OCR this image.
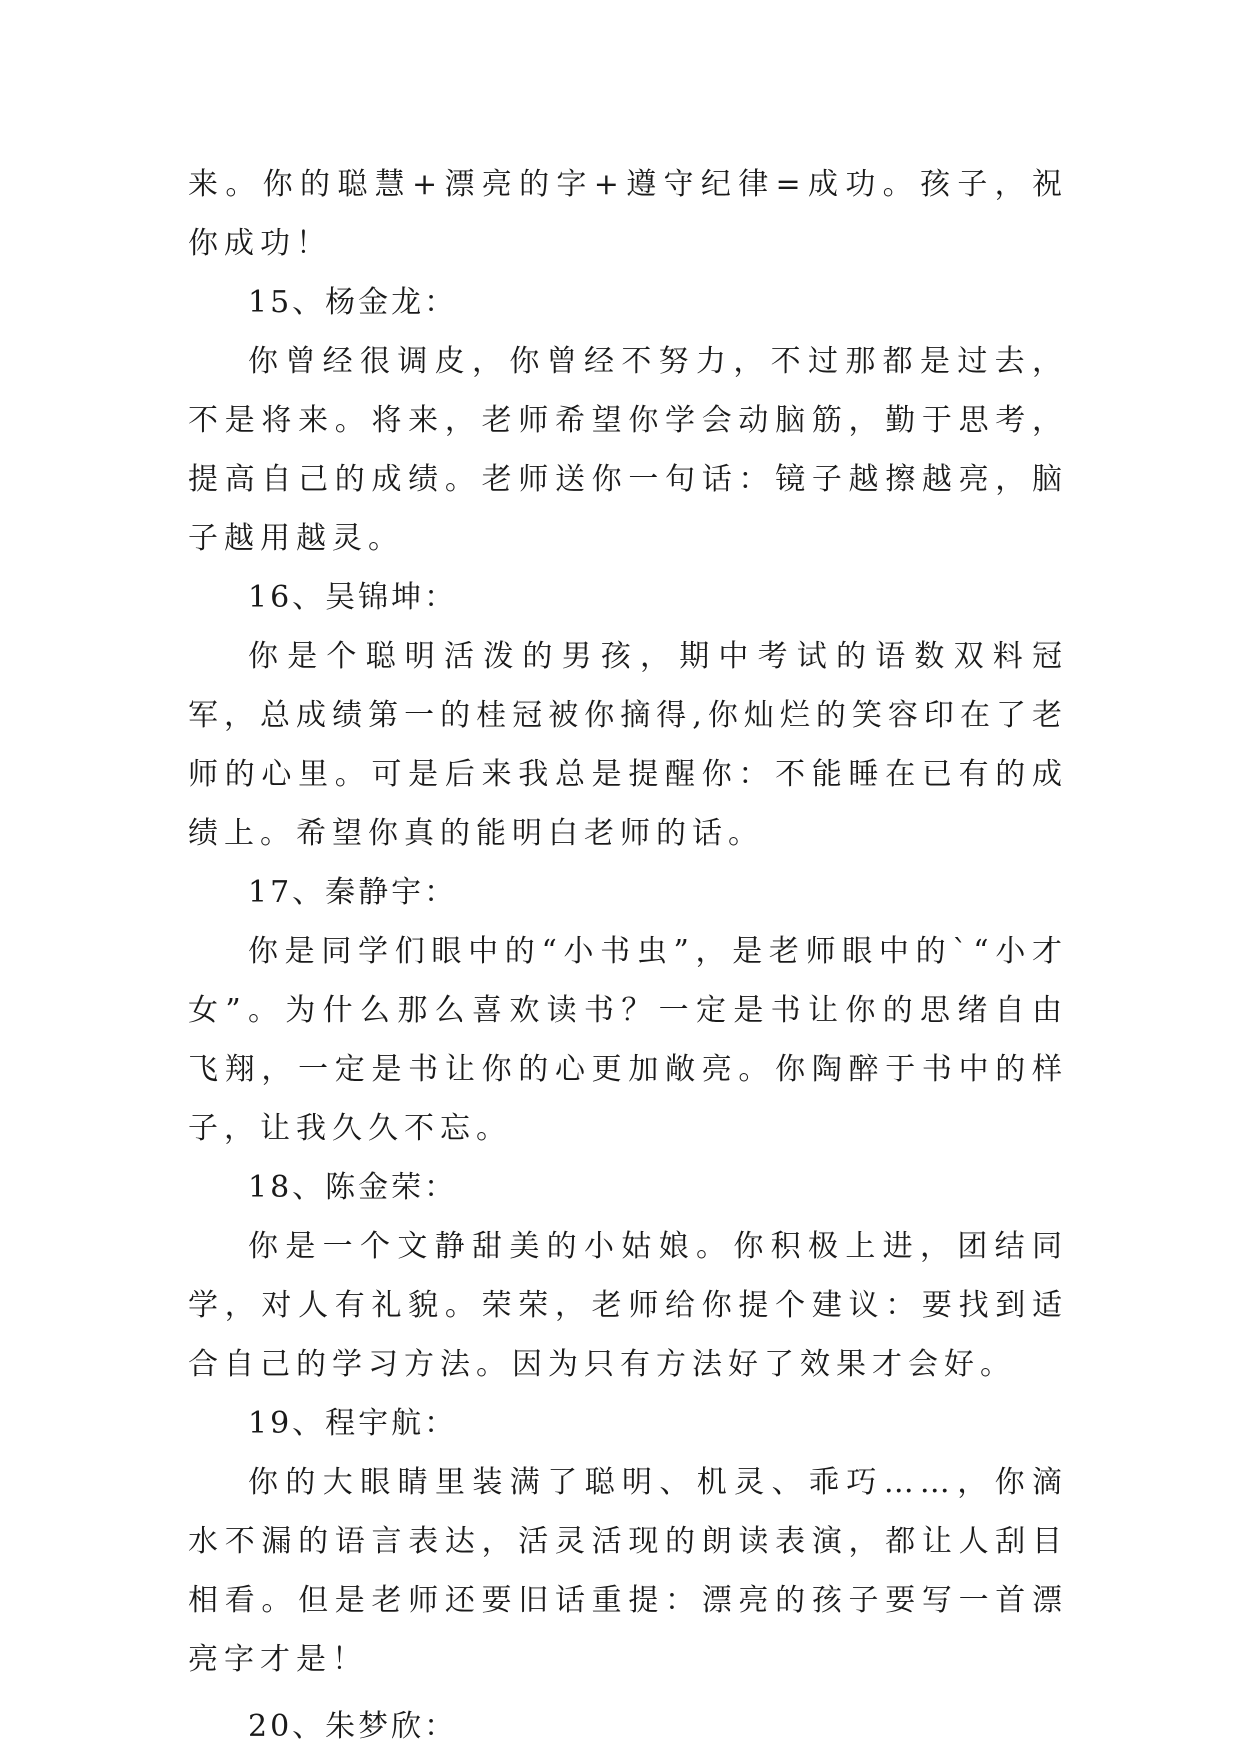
来。你的聪慧+漂亮的字+遵守纪律=成功。孩子，祝你成功！

15、杨金龙：

你曾经很调皮，你曾经不努力，不过那都是过去，不是将来。将来，老师希望你学会动脑筋，勤于思考，提高自己的成绩。老师送你一句话：镜子越擦越亮，脑子越用越灵。

16、吴锦坤：

你是个聪明活泼的男孩，期中考试的语数双料冠军，总成绩第一的桂冠被你摘得,你灿烂的笑容印在了老师的心里。可是后来我总是提醒你：不能睡在已有的成绩上。希望你真的能明白老师的话。

17、秦静宇：

你是同学们眼中的“小书虫”，是老师眼中的`“小才女”。为什么那么喜欢读书？一定是书让你的思绪自由飞翔，一定是书让你的心更加敞亮。你陶醉于书中的样子，让我久久不忘。

18、陈金荣：

你是一个文静甜美的小姑娘。你积极上进，团结同学，对人有礼貌。荣荣，老师给你提个建议：要找到适合自己的学习方法。因为只有方法好了效果才会好。

19、程宇航：

你的大眼睛里装满了聪明、机灵、乖巧……，你滴水不漏的语言表达，活灵活现的朗读表演，都让人刮目相看。但是老师还要旧话重提：漂亮的孩子要写一首漂亮字才是！

20、朱梦欣：
